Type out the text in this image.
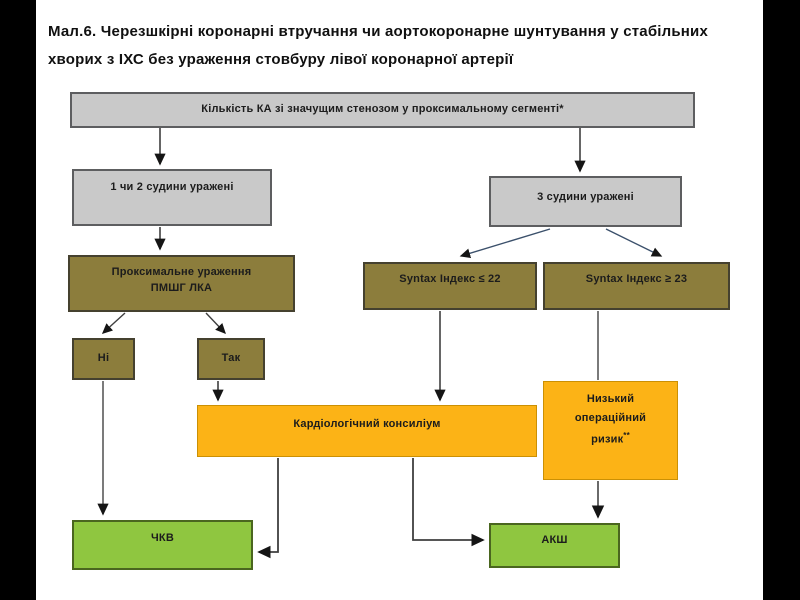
Мал.6. Черезшкірні коронарні втручання чи аортокоронарне шунтування у стабільних хворих з ІХС без ураження стовбуру лівої коронарної артерії
Кількість КА зі значущим стенозом у проксимальному сегменті*
1 чи 2 судини уражені
3 судини уражені
Проксимальне ураження ПМШГ ЛКА
Syntax Індекс ≤ 22	Syntax Індекс ≥ 23
Ні	Так
Кардіологічний консиліум
Низький операційний ризик**
ЧКВ	АКШ
